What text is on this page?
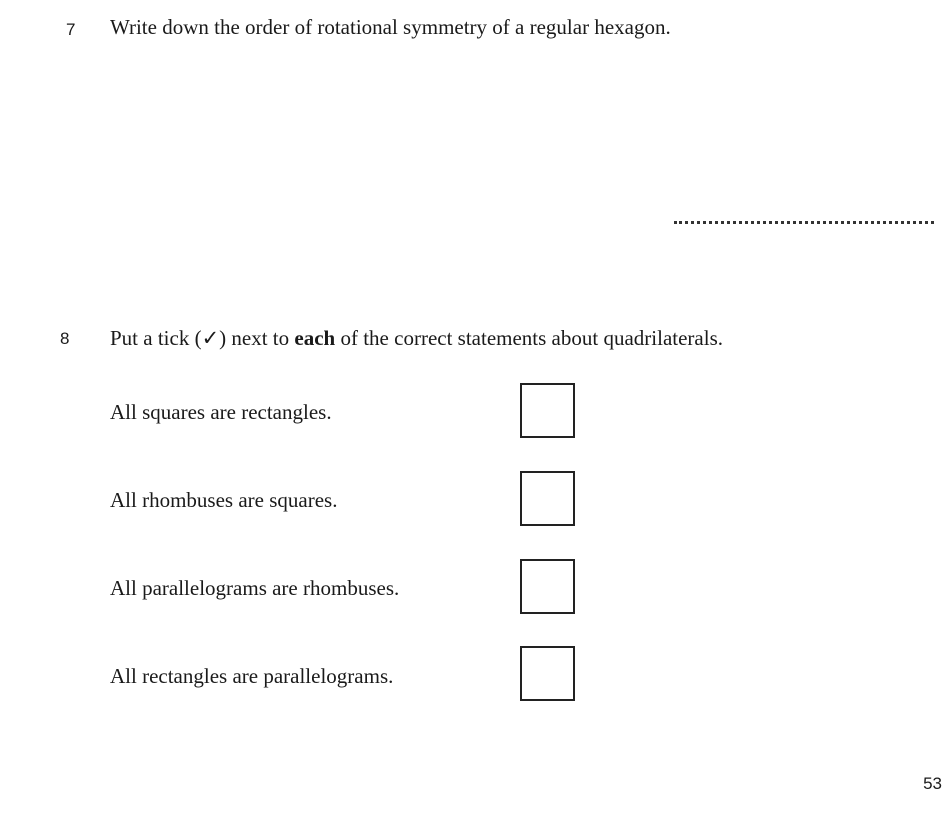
7 Write down the order of rotational symmetry of a regular hexagon.
8 Put a tick (✓) next to each of the correct statements about quadrilaterals.
All squares are rectangles.
All rhombuses are squares.
All parallelograms are rhombuses.
All rectangles are parallelograms.
53
